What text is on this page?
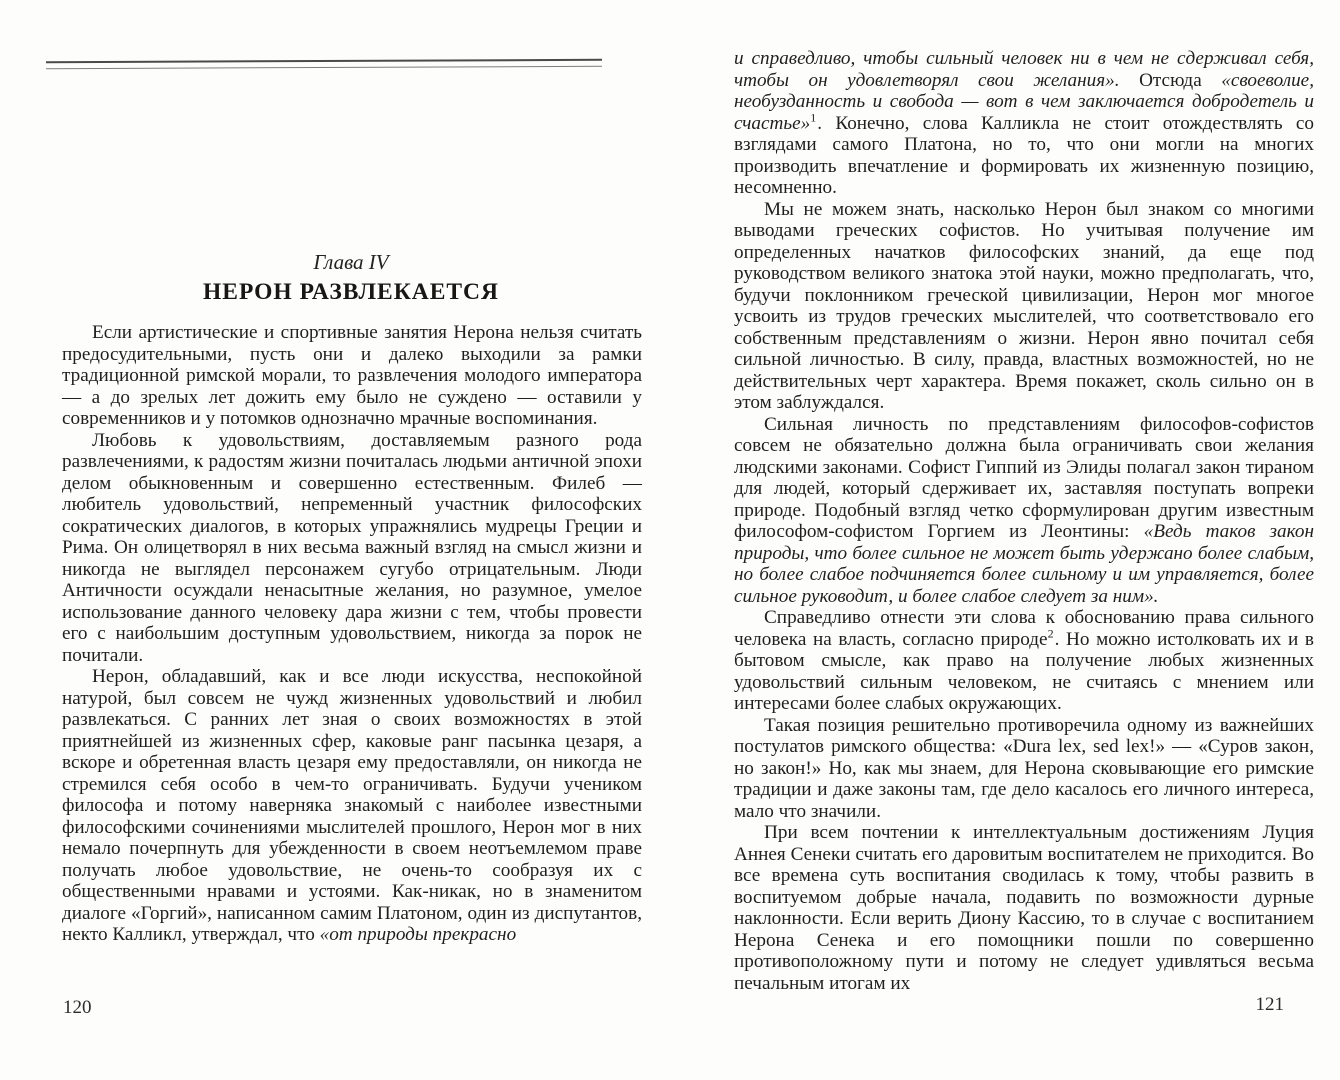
Глава IV
НЕРОН РАЗВЛЕКАЕТСЯ

Если артистические и спортивные занятия Нерона нельзя считать предосудительными, пусть они и далеко выходили за рамки традиционной римской морали, то развлечения молодого императора — а до зрелых лет дожить ему было не суждено — оставили у современников и у потомков однозначно мрачные воспоминания.

Любовь к удовольствиям, доставляемым разного рода развлечениями, к радостям жизни почиталась людьми античной эпохи делом обыкновенным и совершенно естественным. Филеб — любитель удовольствий, непременный участник философских сократических диалогов, в которых упражнялись мудрецы Греции и Рима. Он олицетворял в них весьма важный взгляд на смысл жизни и никогда не выглядел персонажем сугубо отрицательным. Люди Античности осуждали ненасытные желания, но разумное, умелое использование данного человеку дара жизни с тем, чтобы провести его с наибольшим доступным удовольствием, никогда за порок не почитали.

Нерон, обладавший, как и все люди искусства, неспокойной натурой, был совсем не чужд жизненных удовольствий и любил развлекаться. С ранних лет зная о своих возможностях в этой приятнейшей из жизненных сфер, каковые ранг пасынка цезаря, а вскоре и обретенная власть цезаря ему предоставляли, он никогда не стремился себя особо в чем-то ограничивать. Будучи учеником философа и потому наверняка знакомый с наиболее известными философскими сочинениями мыслителей прошлого, Нерон мог в них немало почерпнуть для убежденности в своем неотъемлемом праве получать любое удовольствие, не очень-то сообразуя их с общественными нравами и устоями. Как-никак, но в знаменитом диалоге «Горгий», написанном самим Платоном, один из диспутантов, некто Калликл, утверждал, что «от природы прекрасно

120

и справедливо, чтобы сильный человек ни в чем не сдерживал себя, чтобы он удовлетворял свои желания». Отсюда «своеволие, необузданность и свобода — вот в чем заключается добродетель и счастье»$^1$. Конечно, слова Калликла не стоит отождествлять со взглядами самого Платона, но то, что они могли на многих производить впечатление и формировать их жизненную позицию, несомненно.

Мы не можем знать, насколько Нерон был знаком со многими выводами греческих софистов. Но учитывая получение им определенных начатков философских знаний, да еще под руководством великого знатока этой науки, можно предполагать, что, будучи поклонником греческой цивилизации, Нерон мог многое усвоить из трудов греческих мыслителей, что соответствовало его собственным представлениям о жизни. Нерон явно почитал себя сильной личностью. В силу, правда, властных возможностей, но не действительных черт характера. Время покажет, сколь сильно он в этом заблуждался.

Сильная личность по представлениям философов-софистов совсем не обязательно должна была ограничивать свои желания людскими законами. Софист Гиппий из Элиды полагал закон тираном для людей, который сдерживает их, заставляя поступать вопреки природе. Подобный взгляд четко сформулирован другим известным философом-софистом Горгием из Леонтины: «Ведь таков закон природы, что более сильное не может быть удержано более слабым, но более слабое подчиняется более сильному и им управляется, более сильное руководит, и более слабое следует за ним».

Справедливо отнести эти слова к обоснованию права сильного человека на власть, согласно природе$^2$. Но можно истолковать их и в бытовом смысле, как право на получение любых жизненных удовольствий сильным человеком, не считаясь с мнением или интересами более слабых окружающих.

Такая позиция решительно противоречила одному из важнейших постулатов римского общества: «Dura lex, sed lex!» — «Суров закон, но закон!» Но, как мы знаем, для Нерона сковывающие его римские традиции и даже законы там, где дело касалось его личного интереса, мало что значили.

При всем почтении к интеллектуальным достижениям Луция Аннея Сенеки считать его даровитым воспитателем не приходится. Во все времена суть воспитания сводилась к тому, чтобы развить в воспитуемом добрые начала, подавить по возможности дурные наклонности. Если верить Диону Кассию, то в случае с воспитанием Нерона Сенека и его помощники пошли по совершенно противоположному пути и потому не следует удивляться весьма печальным итогам их

121
